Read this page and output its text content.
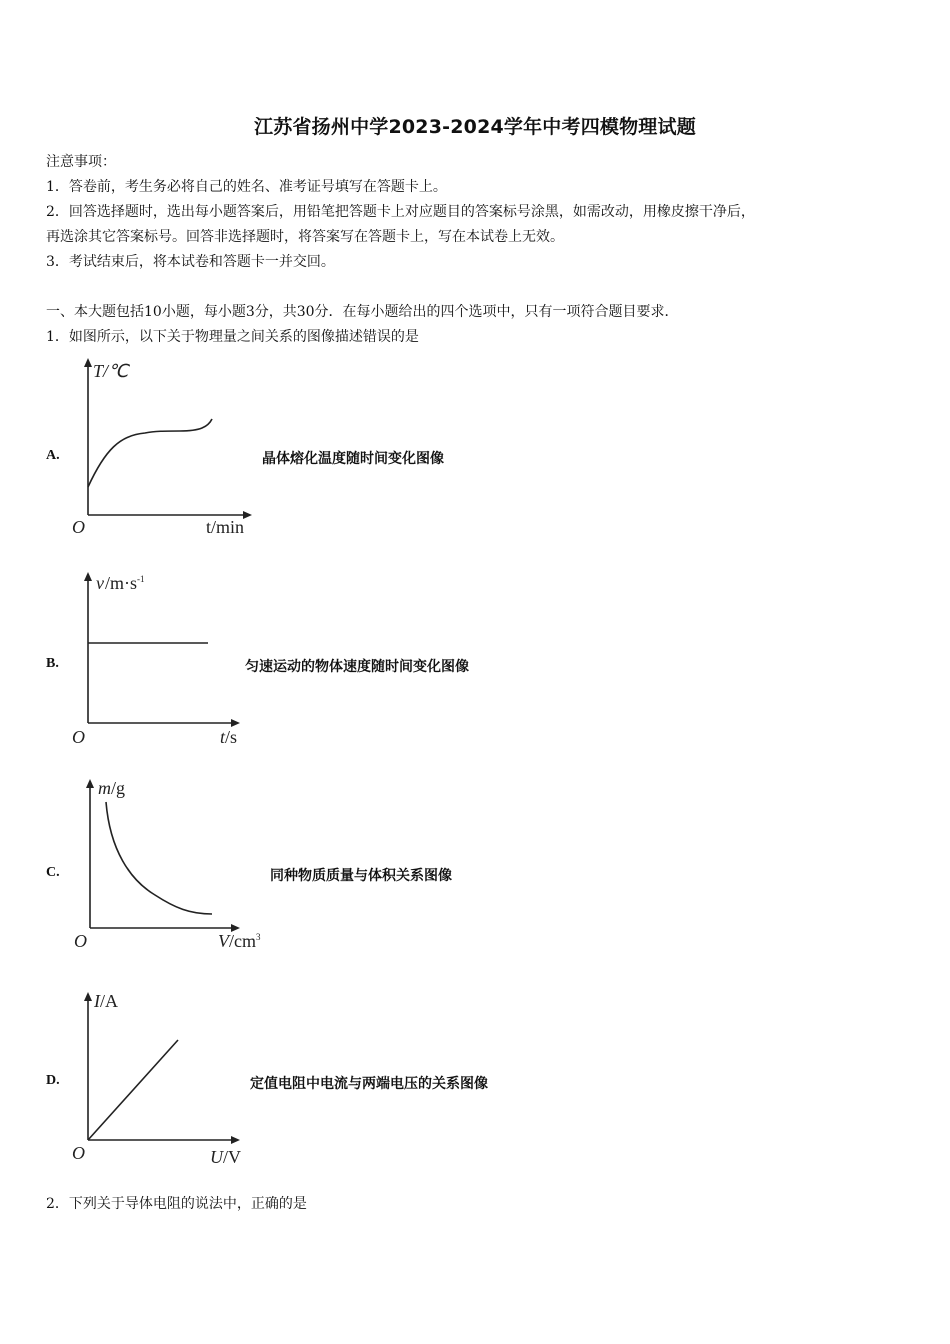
江苏省扬州中学2023-2024学年中考四模物理试题
注意事项：
1．答卷前，考生务必将自己的姓名、准考证号填写在答题卡上。
2．回答选择题时，选出每小题答案后，用铅笔把答题卡上对应题目的答案标号涂黑，如需改动，用橡皮擦干净后，
再选涂其它答案标号。回答非选择题时，将答案写在答题卡上，写在本试卷上无效。
3．考试结束后，将本试卷和答题卡一并交回。
一、本大题包括10小题，每小题3分，共30分．在每小题给出的四个选项中，只有一项符合题目要求．
1．如图所示，以下关于物理量之间关系的图像描述错误的是
A.
T/℃
O	t/min
晶体熔化温度随时间变化图像
B.
$v/m\cdot s^{-1}$
O	t/s
匀速运动的物体速度随时间变化图像
C.
m/g
O	$V/cm^3$
同种物质质量与体积关系图像
D.
I/A
O	U/V
定值电阻中电流与两端电压的关系图像
2．下列关于导体电阻的说法中，正确的是
